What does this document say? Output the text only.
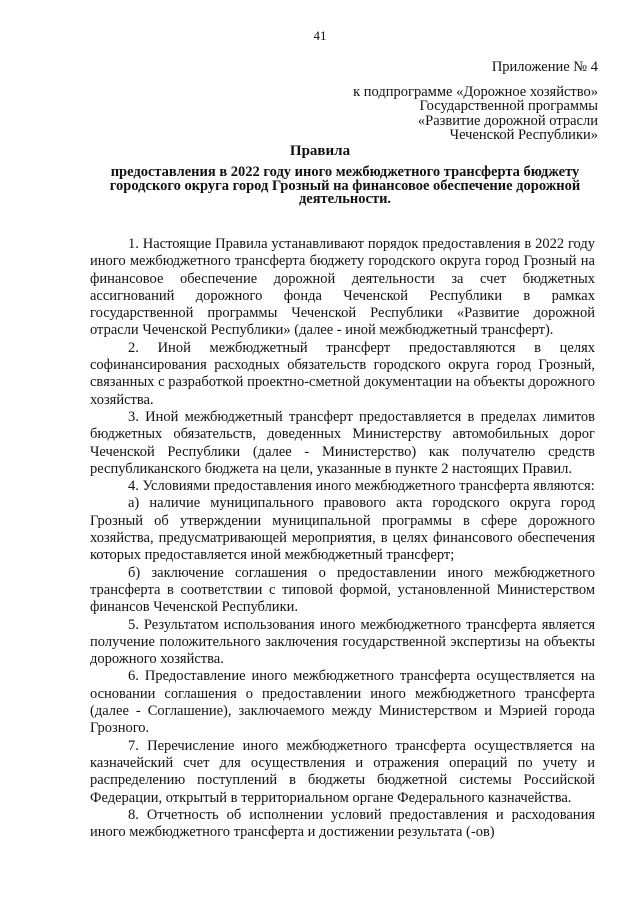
41
Приложение № 4
к подпрограмме «Дорожное хозяйство»
Государственной программы
«Развитие дорожной отрасли
Чеченской Республики»
Правила
предоставления в 2022 году иного межбюджетного трансферта бюджету городского округа город Грозный на финансовое обеспечение дорожной деятельности.

1. Настоящие Правила устанавливают порядок предоставления в 2022 году иного межбюджетного трансферта бюджету городского округа город Грозный на финансовое обеспечение дорожной деятельности за счет бюджетных ассигнований дорожного фонда Чеченской Республики в рамках государственной программы Чеченской Республики «Развитие дорожной отрасли Чеченской Республики» (далее - иной межбюджетный трансферт).

2. Иной межбюджетный трансферт предоставляются в целях софинансирования расходных обязательств городского округа город Грозный, связанных с разработкой проектно-сметной документации на объекты дорожного хозяйства.

3. Иной межбюджетный трансферт предоставляется в пределах лимитов бюджетных обязательств, доведенных Министерству автомобильных дорог Чеченской Республики (далее - Министерство) как получателю средств республиканского бюджета на цели, указанные в пункте 2 настоящих Правил.

4. Условиями предоставления иного межбюджетного трансферта являются:

а) наличие муниципального правового акта городского округа город Грозный об утверждении муниципальной программы в сфере дорожного хозяйства, предусматривающей мероприятия, в целях финансового обеспечения которых предоставляется иной межбюджетный трансферт;

б) заключение соглашения о предоставлении иного межбюджетного трансферта в соответствии с типовой формой, установленной Министерством финансов Чеченской Республики.

5. Результатом использования иного межбюджетного трансферта является получение положительного заключения государственной экспертизы на объекты дорожного хозяйства.

6. Предоставление иного межбюджетного трансферта осуществляется на основании соглашения о предоставлении иного межбюджетного трансферта (далее - Соглашение), заключаемого между Министерством и Мэрией города Грозного.

7. Перечисление иного межбюджетного трансферта осуществляется на казначейский счет для осуществления и отражения операций по учету и распределению поступлений в бюджеты бюджетной системы Российской Федерации, открытый в территориальном органе Федерального казначейства.

8. Отчетность об исполнении условий предоставления и расходования иного межбюджетного трансферта и достижении результата (-ов)
